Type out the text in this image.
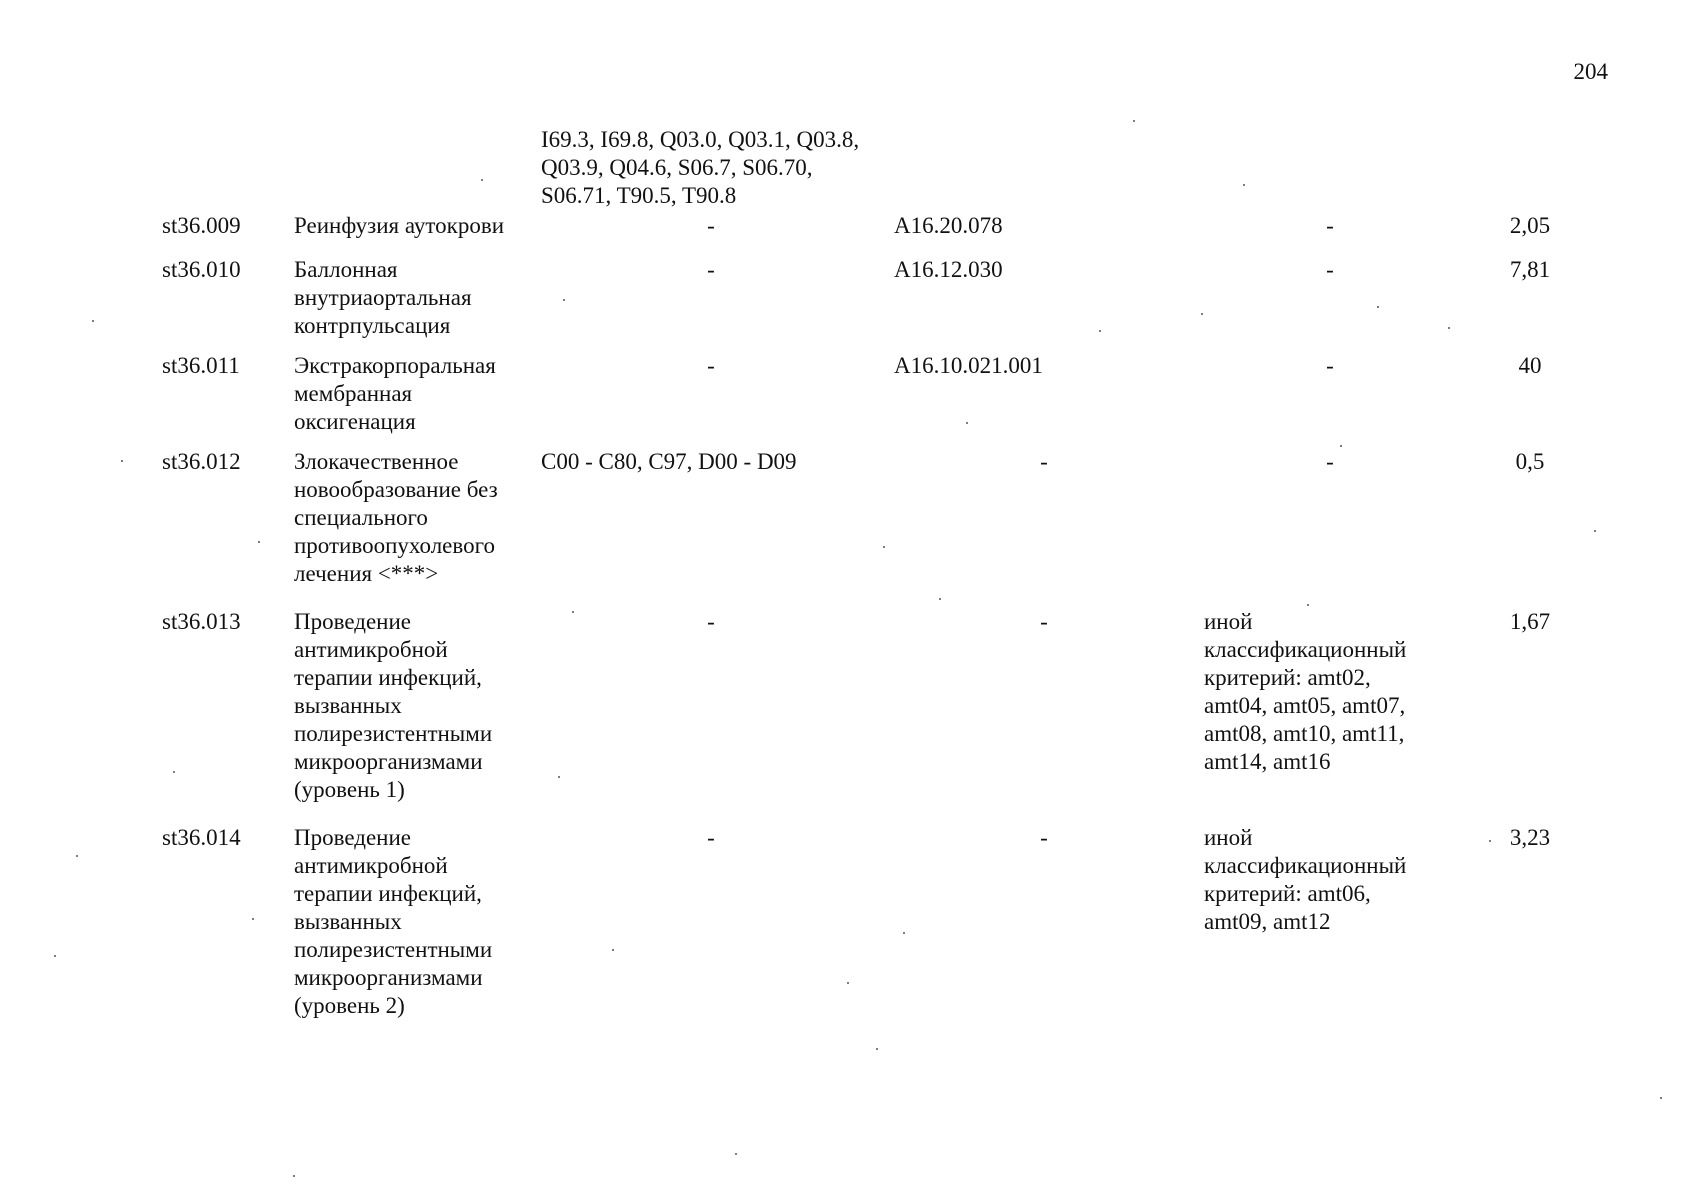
204
I69.3, I69.8, Q03.0, Q03.1, Q03.8,
Q03.9, Q04.6, S06.7, S06.70,
S06.71, T90.5, T90.8
st36.009 Реинфузия аутокрови	-	A16.20.078	-	2,05
st36.010 Баллонная
внутриаортальная
контрпульсация
-	A16.12.030	-	7,81
st36.011 Экстракорпоральная
мембранная
оксигенация
-	A16.10.021.001	-	40
st36.012 Злокачественное
новообразование без
специального
противоопухолевого
лечения <***>
C00 - C80, C97, D00 - D09	-	-	0,5
st36.013 Проведение
антимикробной
терапии инфекций,
вызванных
полирезистентными
микроорганизмами
(уровень 1)
-	-	иной
классификационный
критерий: amt02,
amt04, amt05, amt07,
amt08, amt10, amt11,
amt14, amt16
1,67
st36.014 Проведение
антимикробной
терапии инфекций,
вызванных
полирезистентными
микроорганизмами
(уровень 2)
-	-	иной
классификационный
критерий: amt06,
amt09, amt12
3,23
